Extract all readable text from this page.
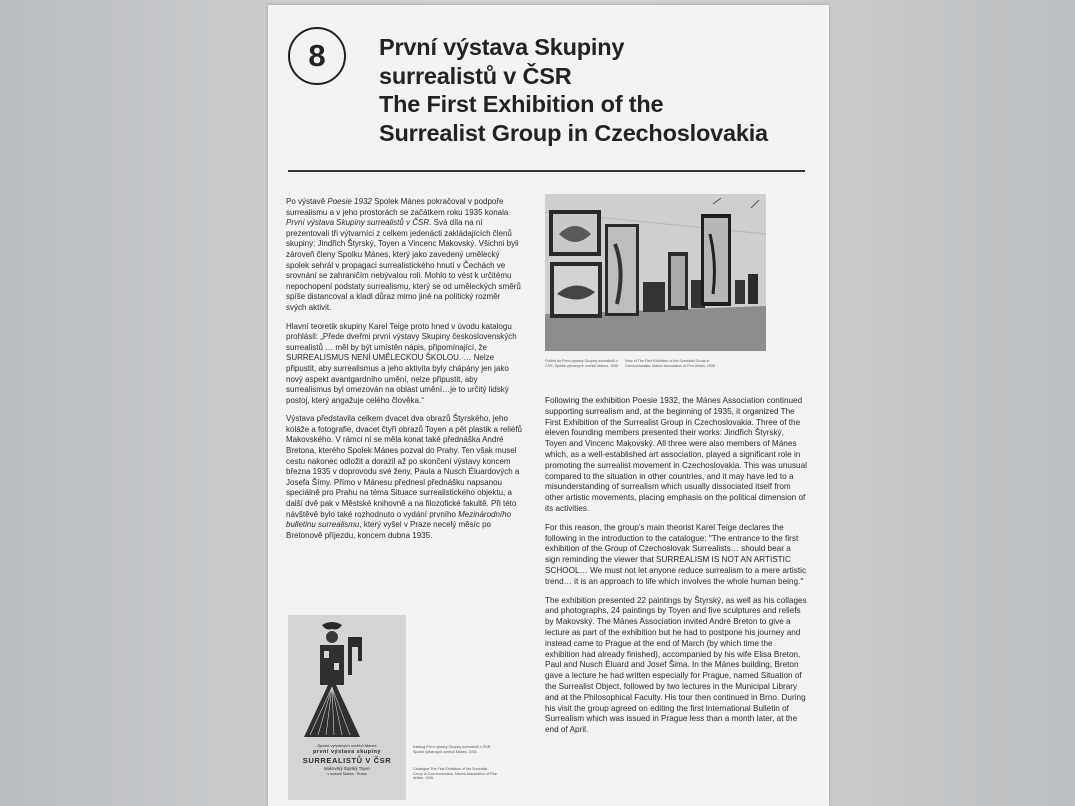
8 První výstava Skupiny
surrealistů v ČSR
The First Exhibition of the
Surrealist Group in Czechoslovakia

Po výstavě Poesie 1932 Spolek Mánes pokračoval v podpoře surrealismu a v jeho prostorách se začátkem roku 1935 konala První výstava Skupiny surrealistů v ČSR. Svá díla na ní prezentovali tři výtvarníci z celkem jedenácti zakládajících členů skupiny: Jindřich Štyrský, Toyen a Vincenc Makovský. Všichni byli zároveň členy Spolku Mánes, který jako zavedený umělecký spolek sehrál v propagaci surrealistického hnutí v Čechách ve srovnání se zahraničím nebývalou roli. Mohlo to vést k určitému nepochopení podstaty surrealismu, který se od uměleckých směrů spíše distancoval a kladl důraz mimo jiné na politický rozměr svých aktivit.

Hlavní teoretik skupiny Karel Teige proto hned v úvodu katalogu prohlásil: „Přede dveřmi první výstavy Skupiny československých surrealistů … měl by být umístěn nápis, připomínající, že SURREALISMUS NENÍ UMĚLECKOU ŠKOLOU. … Nelze připustit, aby surrealismus a jeho aktivita byly chápány jen jako nový aspekt avantgardního umění, nelze připustit, aby surrealismus byl omezován na oblast umění…je to určitý lidský postoj, který angažuje celého člověka.“

Výstava představila celkem dvacet dva obrazů Štyrského, jeho koláže a fotografie, dvacet čtyři obrazů Toyen a pět plastik a reliéfů Makovského. V rámci ní se měla konat také přednáška André Bretona, kterého Spolek Mánes pozval do Prahy. Ten však musel cestu nakonec odložit a dorazil až po skončení výstavy koncem března 1935 v doprovodu své ženy, Paula a Nusch Éluardových a Josefa Šímy. Přímo v Mánesu přednesl přednášku napsanou speciálně pro Prahu na téma Situace surrealistického objektu, a další dvě pak v Městské knihovně a na filozofické fakultě. Při této návštěvě bylo také rozhodnuto o vydání prvního Mezinárodního bulletinu surrealismu, který vyšel v Praze necelý měsíc po Bretonově příjezdu, koncem dubna 1935.

Pohled do První výstavy Skupiny surrealistů v ČSR, Spolek výtvarných umělců Mánes, 1935
View of The First Exhibition of the Surrealist Group in Czechoslovakia, Mánes Association of Fine Artists, 1935

Following the exhibition Poesie 1932, the Mánes Association continued supporting surrealism and, at the beginning of 1935, it organized The First Exhibition of the Surrealist Group in Czechoslovakia. Three of the eleven founding members presented their works: Jindřich Štyrský, Toyen and Vincenc Makovský. All three were also members of Mánes which, as a well-established art association, played a significant role in promoting the surrealist movement in Czechoslovakia. This was unusual compared to the situation in other countries, and it may have led to a misunderstanding of surrealism which usually dissociated itself from other artistic movements, placing emphasis on the political dimension of its activities.

For this reason, the group’s main theorist Karel Teige declares the following in the introduction to the catalogue: "The entrance to the first exhibition of the Group of Czechoslovak Surrealists… should bear a sign reminding the viewer that SURREALISM IS NOT AN ARTISTIC SCHOOL… We must not let anyone reduce surrealism to a mere artistic trend… it is an approach to life which involves the whole human being."

The exhibition presented 22 paintings by Štyrský, as well as his collages and photographs, 24 paintings by Toyen and five sculptures and reliefs by Makovský. The Mánes Association invited André Breton to give a lecture as part of the exhibition but he had to postpone his journey and instead came to Prague at the end of March (by which time the exhibition had already finished), accompanied by his wife Elisa Breton, Paul and Nusch Éluard and Josef Šima. In the Mánes building, Breton gave a lecture he had written especially for Prague, named Situation of the Surrealist Object, followed by two lectures in the Municipal Library and at the Philosophical Faculty. His tour then continued in Brno. During his visit the group agreed on editing the first International Bulletin of Surrealism which was issued in Prague less than a month later, at the end of April.

Spolek výtvarných umělců Mánes
první výstava skupiny
SURREALISTŮ V ČSR
Makovský Štyrský Toyen
v budově Mánes · Praha
Katalog První výstavy Skupiny surrealistů v ČSR, Spolek výtvarných umělců Mánes, 1935
Catalogue The First Exhibition of the Surrealist Group in Czechoslovakia, Mánes Association of Fine Artists, 1935
